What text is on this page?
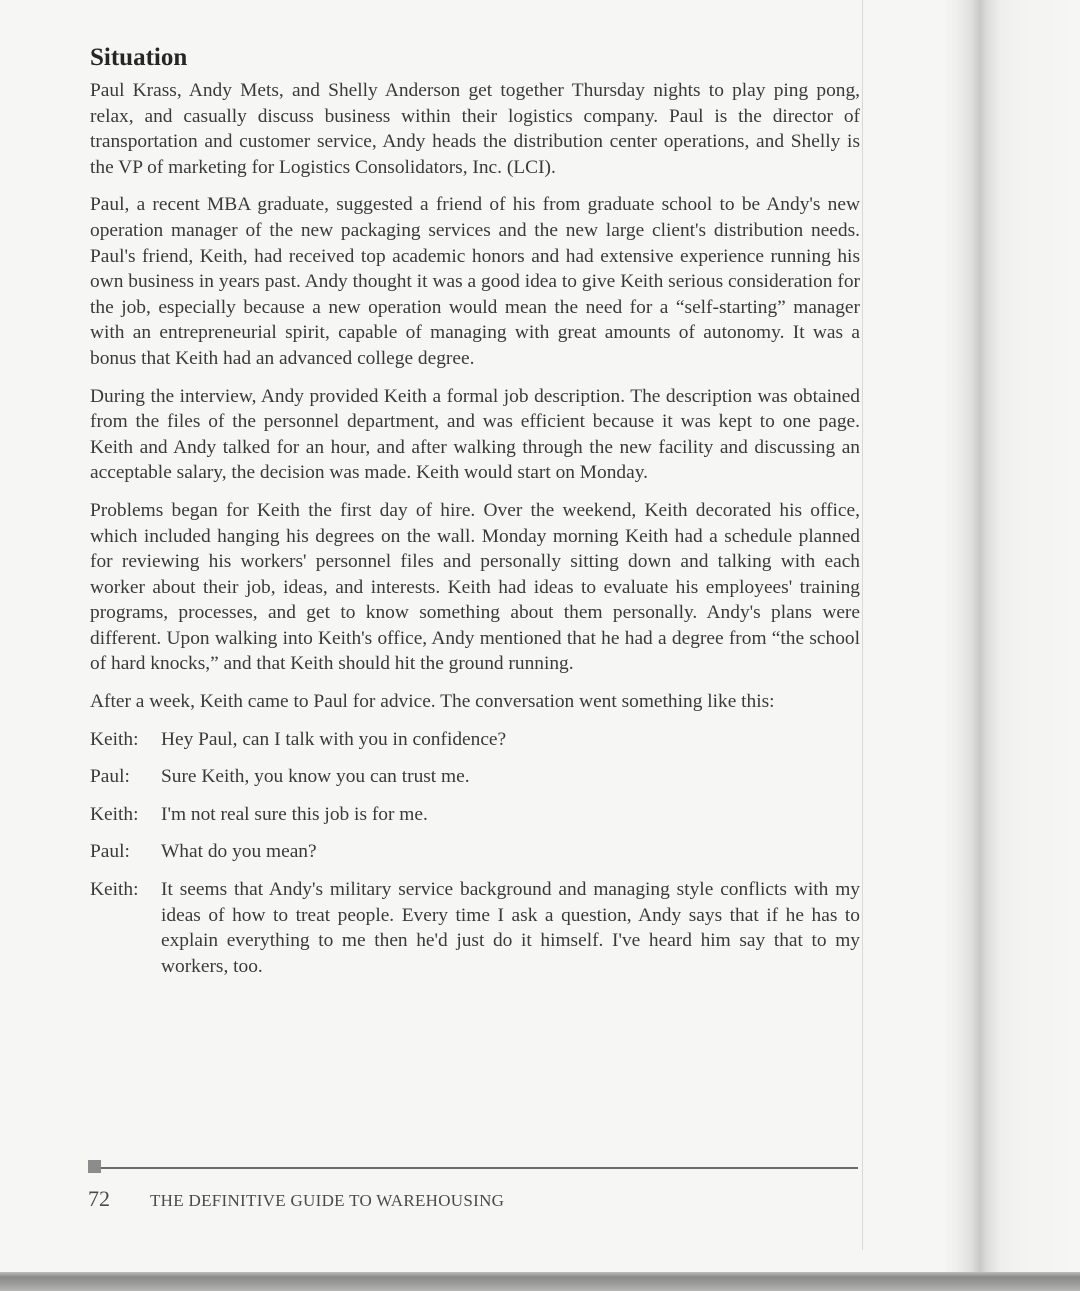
Situation

Paul Krass, Andy Mets, and Shelly Anderson get together Thursday nights to play ping pong, relax, and casually discuss business within their logistics company. Paul is the director of transportation and customer service, Andy heads the distribution center operations, and Shelly is the VP of marketing for Logistics Consolidators, Inc. (LCI).

Paul, a recent MBA graduate, suggested a friend of his from graduate school to be Andy's new operation manager of the new packaging services and the new large client's distribution needs. Paul's friend, Keith, had received top academic honors and had extensive experience running his own business in years past. Andy thought it was a good idea to give Keith serious consideration for the job, especially because a new operation would mean the need for a “self-starting” manager with an entrepreneurial spirit, capable of managing with great amounts of autonomy. It was a bonus that Keith had an advanced college degree.

During the interview, Andy provided Keith a formal job description. The description was obtained from the files of the personnel department, and was efficient because it was kept to one page. Keith and Andy talked for an hour, and after walking through the new facility and discussing an acceptable salary, the decision was made. Keith would start on Monday.

Problems began for Keith the first day of hire. Over the weekend, Keith decorated his office, which included hanging his degrees on the wall. Monday morning Keith had a schedule planned for reviewing his workers' personnel files and personally sitting down and talking with each worker about their job, ideas, and interests. Keith had ideas to evaluate his employees' training programs, processes, and get to know something about them personally. Andy's plans were different. Upon walking into Keith's office, Andy mentioned that he had a degree from “the school of hard knocks,” and that Keith should hit the ground running.

After a week, Keith came to Paul for advice. The conversation went something like this:

Keith:	Hey Paul, can I talk with you in confidence?
Paul:	Sure Keith, you know you can trust me.
Keith:	I'm not real sure this job is for me.
Paul:	What do you mean?
Keith:	It seems that Andy's military service background and managing style conflicts with my ideas of how to treat people. Every time I ask a question, Andy says that if he has to explain everything to me then he'd just do it himself. I've heard him say that to my workers, too.
72	THE DEFINITIVE GUIDE TO WAREHOUSING
